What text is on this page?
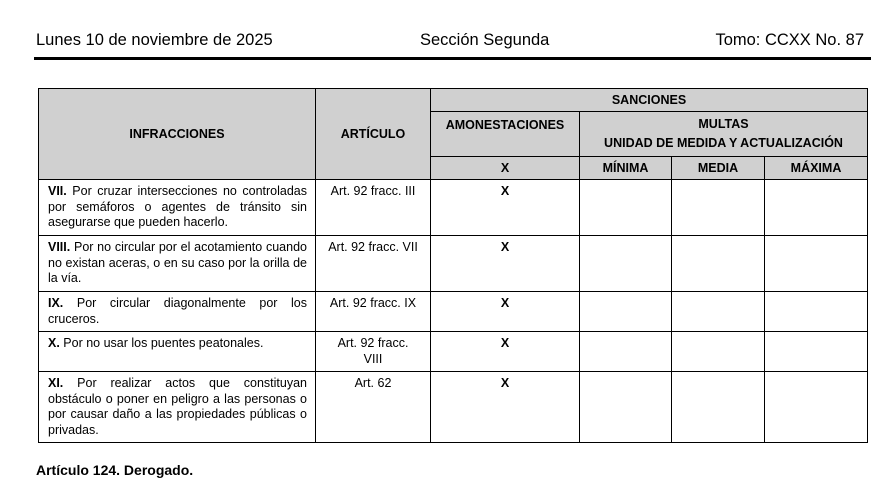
Lunes 10 de noviembre de 2025	Sección Segunda	Tomo: CCXX No. 87
INFRACCIONES	ARTÍCULO	SANCIONES			
		AMONESTACIONES	MULTAS
UNIDAD DE MEDIDA Y ACTUALIZACIÓN		

		X	MÍNIMA	MEDIA	MÁXIMA
VII. Por cruzar intersecciones no controladas por semáforos o agentes de tránsito sin asegurarse que pueden hacerlo.	Art. 92 fracc. III	X			
VIII. Por no circular por el acotamiento cuando no existan aceras, o en su caso por la orilla de la vía.	Art. 92 fracc. VII	X			
IX. Por circular diagonalmente por los cruceros.	Art. 92 fracc. IX	X			
X. Por no usar los puentes peatonales.	Art. 92 fracc. VIII	X			
XI. Por realizar actos que constituyan obstáculo o poner en peligro a las personas o por causar daño a las propiedades públicas o privadas.	Art. 62	X			
Artículo 124. Derogado.
